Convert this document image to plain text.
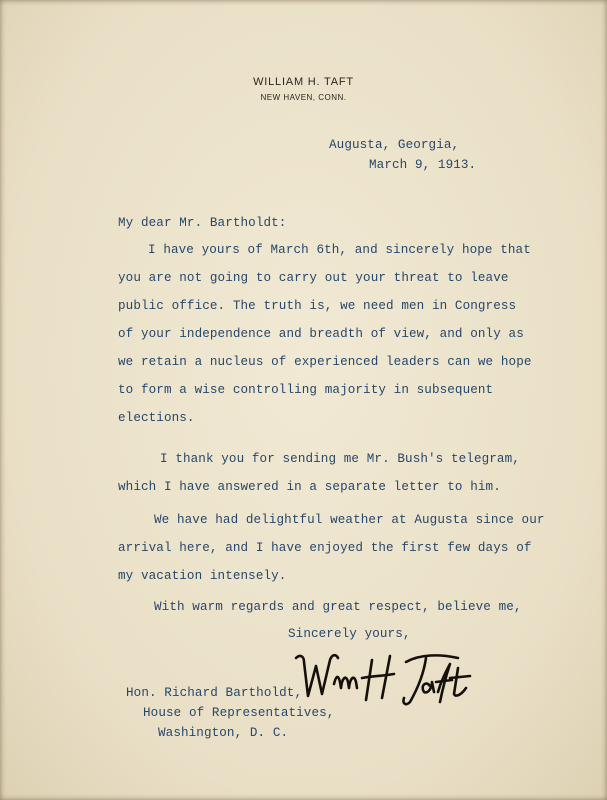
WILLIAM H. TAFT
NEW HAVEN, CONN.
Augusta, Georgia,
March 9, 1913.
My dear Mr. Bartholdt:
I have yours of March 6th, and sincerely hope that
you are not going to carry out your threat to leave
public office. The truth is, we need men in Congress
of your independence and breadth of view, and only as
we retain a nucleus of experienced leaders can we hope
to form a wise controlling majority in subsequent
elections.
I thank you for sending me Mr. Bush's telegram,
which I have answered in a separate letter to him.
We have had delightful weather at Augusta since our
arrival here, and I have enjoyed the first few days of
my vacation intensely.
With warm regards and great respect, believe me,
Sincerely yours,
Hon. Richard Bartholdt,
House of Representatives,
Washington, D. C.
